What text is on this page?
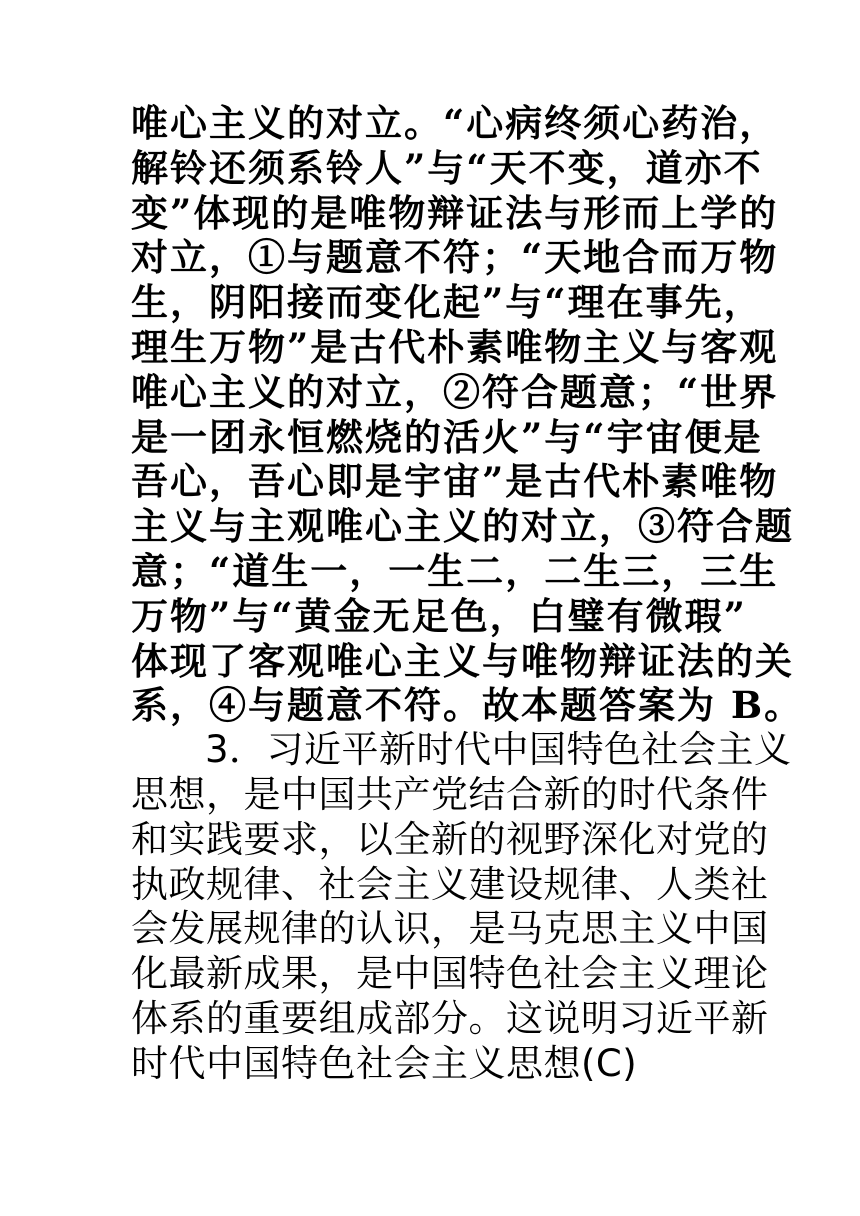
唯心主义的对立。“心病终须心药治，
解铃还须系铃人”与“天不变，道亦不
变”体现的是唯物辩证法与形而上学的
对立，①与题意不符；“天地合而万物
生，阴阳接而变化起”与“理在事先，
理生万物”是古代朴素唯物主义与客观
唯心主义的对立，②符合题意；“世界
是一团永恒燃烧的活火”与“宇宙便是
吾心，吾心即是宇宙”是古代朴素唯物
主义与主观唯心主义的对立，③符合题
意；“道生一，一生二，二生三，三生
万物”与“黄金无足色，白璧有微瑕”
体现了客观唯心主义与唯物辩证法的关
系，④与题意不符。故本题答案为 B。
3．习近平新时代中国特色社会主义
思想，是中国共产党结合新的时代条件
和实践要求，以全新的视野深化对党的
执政规律、社会主义建设规律、人类社
会发展规律的认识，是马克思主义中国
化最新成果，是中国特色社会主义理论
体系的重要组成部分。这说明习近平新
时代中国特色社会主义思想(C)
